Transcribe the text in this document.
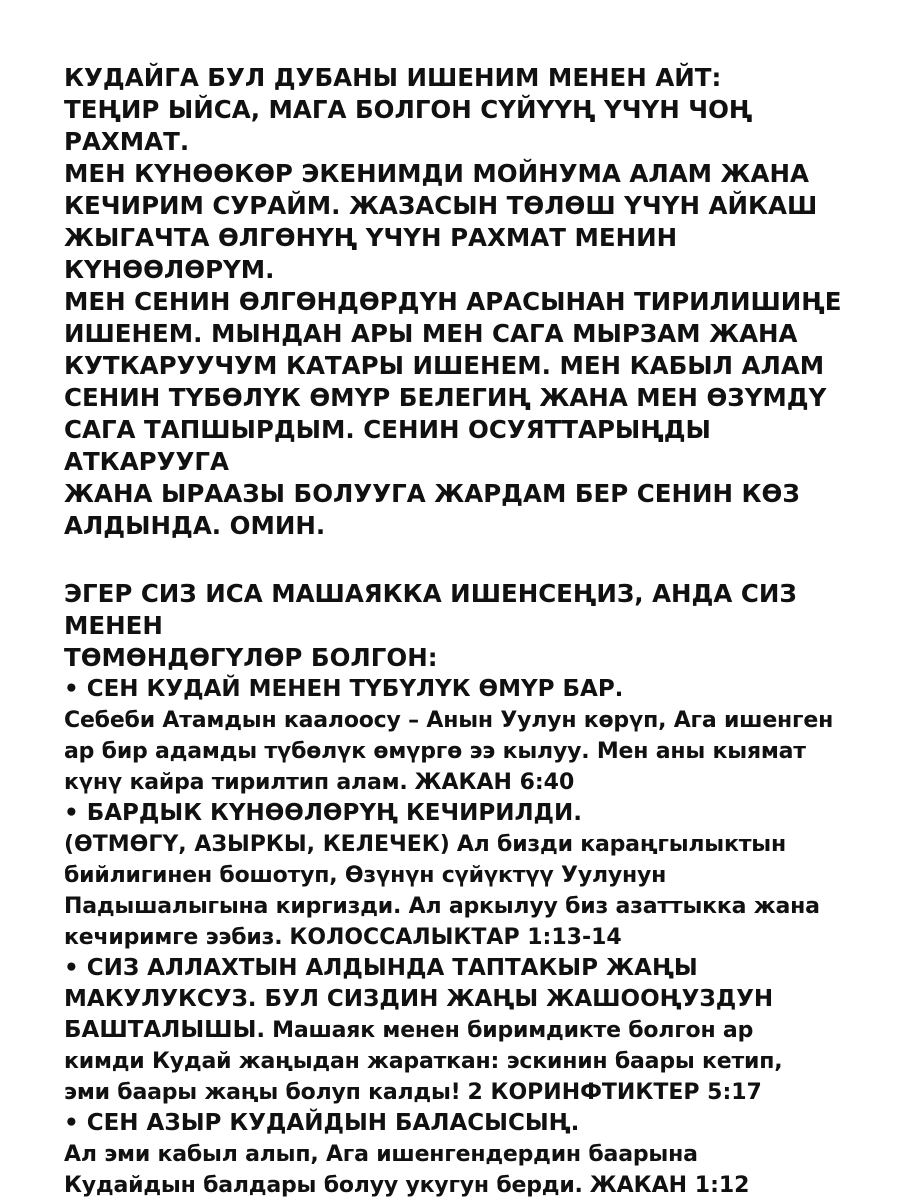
КУДАЙГА БУЛ ДУБАНЫ ИШЕНИМ МЕНЕН АЙТ:
ТЕҢИР ЫЙСА, МАГА БОЛГОН СҮЙҮҮҢ ҮЧҮН ЧОҢ РАХМАТ.
МЕН КҮНӨӨКӨР ЭКЕНИМДИ МОЙНУМА АЛАМ ЖАНА
КЕЧИРИМ СУРАЙМ. ЖАЗАСЫН ТӨЛӨШ ҮЧҮН АЙКАШ
ЖЫГАЧТА ӨЛГӨНҮҢ ҮЧҮН РАХМАТ МЕНИН КҮНӨӨЛӨРҮМ.
МЕН СЕНИН ӨЛГӨНДӨРДҮН АРАСЫНАН ТИРИЛИШИҢЕ
ИШЕНЕМ. МЫНДАН АРЫ МЕН САГА МЫРЗАМ ЖАНА
КУТКАРУУЧУМ КАТАРЫ ИШЕНЕМ. МЕН КАБЫЛ АЛАМ
СЕНИН ТҮБӨЛҮК ӨМҮР БЕЛЕГИҢ ЖАНА МЕН ӨЗҮМДҮ
САГА ТАПШЫРДЫМ. СЕНИН ОСУЯТТАРЫҢДЫ АТКАРУУГА
ЖАНА ЫРААЗЫ БОЛУУГА ЖАРДАМ БЕР СЕНИН КӨЗ
АЛДЫНДА. ОМИН.
ЭГЕР СИЗ ИСА МАШАЯККА ИШЕНСЕҢИЗ, АНДА СИЗ МЕНЕН
ТӨМӨНДӨГҮЛӨР БОЛГОН:
• СЕН КУДАЙ МЕНЕН ТҮБҮЛҮК ӨМҮР БАР.
Себеби Атамдын каалоосу – Анын Уулун көрүп, Ага ишенген
ар бир адамды түбөлүк өмүргө ээ кылуу. Мен аны кыямат
күнү кайра тирилтип алам. ЖАКАН 6:40
• БАРДЫК КҮНӨӨЛӨРҮҢ КЕЧИРИЛДИ.
(ӨТМӨГҮ, АЗЫРКЫ, КЕЛЕЧЕК) Ал бизди караңгылыктын
бийлигинен бошотуп, Өзүнүн сүйүктүү Уулунун
Падышалыгына киргизди. Ал аркылуу биз азаттыкка жана
кечиримге ээбиз. КОЛОССАЛЫКТАР 1:13-14
• СИЗ АЛЛАХТЫН АЛДЫНДА ТАПТАКЫР ЖАҢЫ
МАКУЛУКСУЗ. БУЛ СИЗДИН ЖАҢЫ ЖАШООҢУЗДУН
БАШТАЛЫШЫ. Машаяк менен биримдикте болгон ар
кимди Кудай жаңыдан жараткан: эскинин баары кетип,
эми баары жаңы болуп калды! 2 КОРИНФТИКТЕР 5:17
• СЕН АЗЫР КУДАЙДЫН БАЛАСЫСЫҢ.
Ал эми кабыл алып, Ага ишенгендердин баарына
Кудайдын балдары болуу укугун берди. ЖАКАН 1:12
